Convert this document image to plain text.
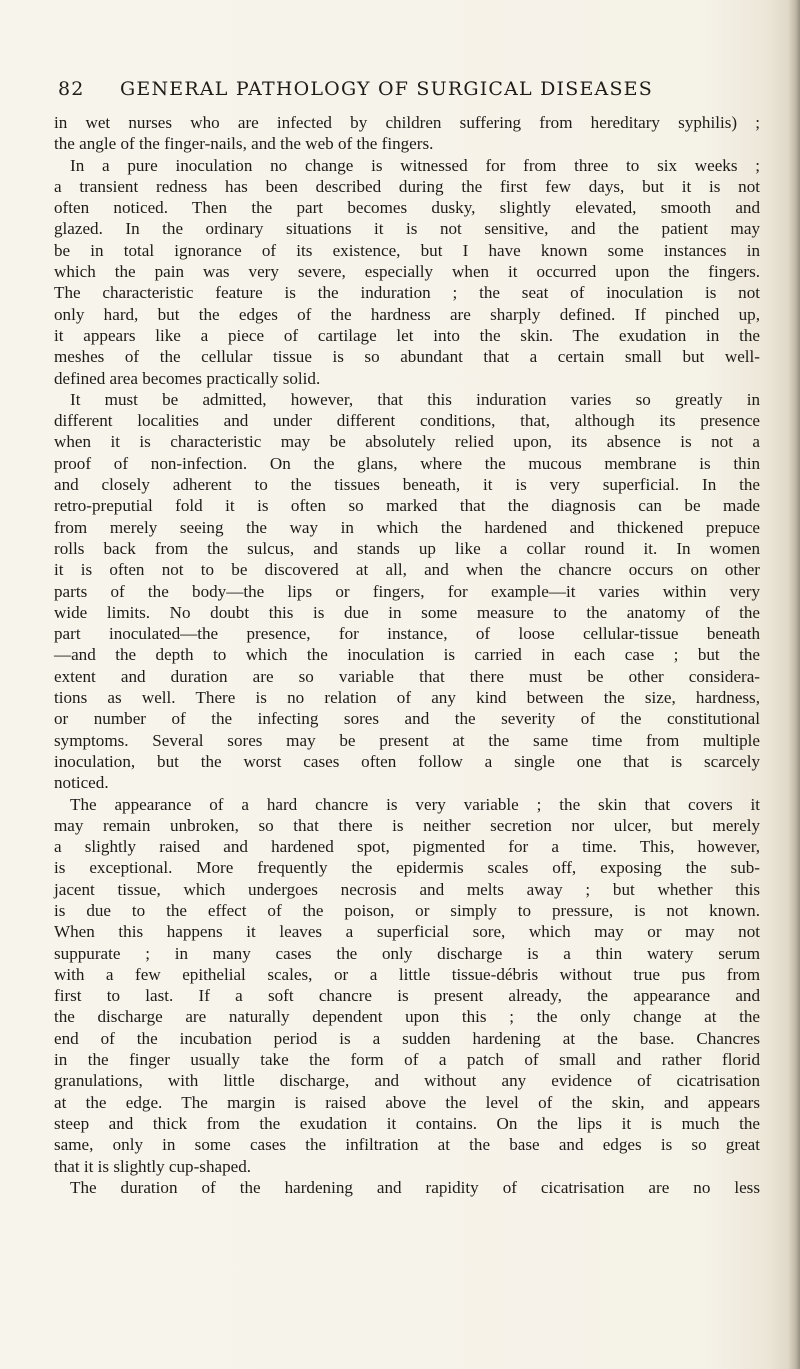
82 GENERAL PATHOLOGY OF SURGICAL DISEASES
in wet nurses who are infected by children suffering from hereditary syphilis) ;
the angle of the finger-nails, and the web of the fingers.
In a pure inoculation no change is witnessed for from three to six weeks ;
a transient redness has been described during the first few days, but it is not
often noticed. Then the part becomes dusky, slightly elevated, smooth and
glazed. In the ordinary situations it is not sensitive, and the patient may
be in total ignorance of its existence, but I have known some instances in
which the pain was very severe, especially when it occurred upon the fingers.
The characteristic feature is the induration ; the seat of inoculation is not
only hard, but the edges of the hardness are sharply defined. If pinched up,
it appears like a piece of cartilage let into the skin. The exudation in the
meshes of the cellular tissue is so abundant that a certain small but well-
defined area becomes practically solid.
It must be admitted, however, that this induration varies so greatly in
different localities and under different conditions, that, although its presence
when it is characteristic may be absolutely relied upon, its absence is not a
proof of non-infection. On the glans, where the mucous membrane is thin
and closely adherent to the tissues beneath, it is very superficial. In the
retro-preputial fold it is often so marked that the diagnosis can be made
from merely seeing the way in which the hardened and thickened prepuce
rolls back from the sulcus, and stands up like a collar round it. In women
it is often not to be discovered at all, and when the chancre occurs on other
parts of the body—the lips or fingers, for example—it varies within very
wide limits. No doubt this is due in some measure to the anatomy of the
part inoculated—the presence, for instance, of loose cellular-tissue beneath
—and the depth to which the inoculation is carried in each case ; but the
extent and duration are so variable that there must be other considera-
tions as well. There is no relation of any kind between the size, hardness,
or number of the infecting sores and the severity of the constitutional
symptoms. Several sores may be present at the same time from multiple
inoculation, but the worst cases often follow a single one that is scarcely
noticed.
The appearance of a hard chancre is very variable ; the skin that covers it
may remain unbroken, so that there is neither secretion nor ulcer, but merely
a slightly raised and hardened spot, pigmented for a time. This, however,
is exceptional. More frequently the epidermis scales off, exposing the sub-
jacent tissue, which undergoes necrosis and melts away ; but whether this
is due to the effect of the poison, or simply to pressure, is not known.
When this happens it leaves a superficial sore, which may or may not
suppurate ; in many cases the only discharge is a thin watery serum
with a few epithelial scales, or a little tissue-débris without true pus from
first to last. If a soft chancre is present already, the appearance and
the discharge are naturally dependent upon this ; the only change at the
end of the incubation period is a sudden hardening at the base. Chancres
in the finger usually take the form of a patch of small and rather florid
granulations, with little discharge, and without any evidence of cicatrisation
at the edge. The margin is raised above the level of the skin, and appears
steep and thick from the exudation it contains. On the lips it is much the
same, only in some cases the infiltration at the base and edges is so great
that it is slightly cup-shaped.
The duration of the hardening and rapidity of cicatrisation are no less
